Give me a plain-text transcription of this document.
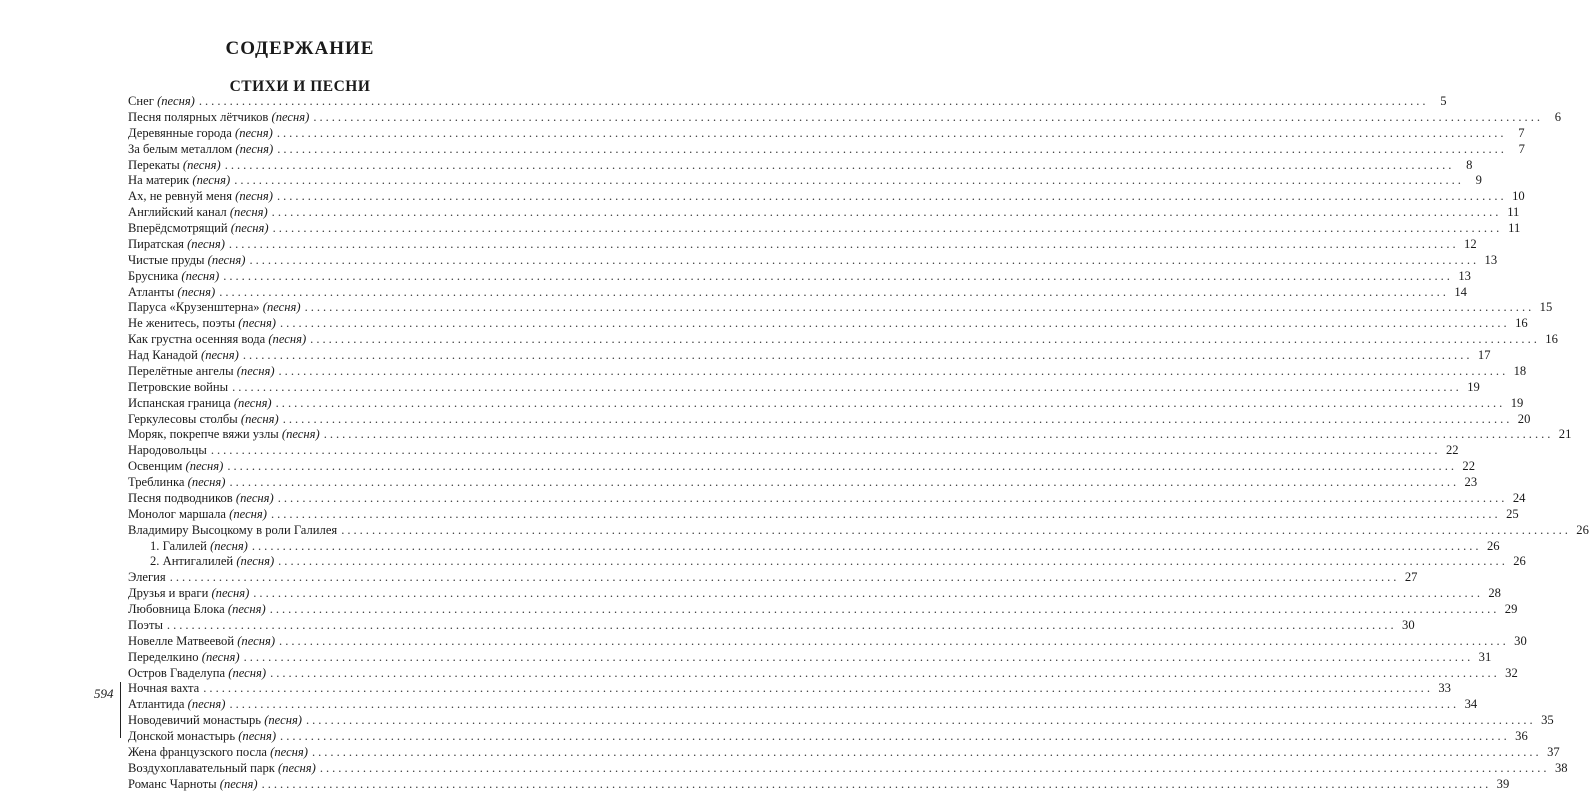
СОДЕРЖАНИЕ
СТИХИ И ПЕСНИ
Снег (песня) ........................................................................................................................................................................................................ 5
Песня полярных лётчиков (песня) ........................................................................................................................................................................................................ 6
Деревянные города (песня) ........................................................................................................................................................................................................ 7
За белым металлом (песня) ........................................................................................................................................................................................................ 7
Перекаты (песня) ........................................................................................................................................................................................................ 8
На материк (песня) ........................................................................................................................................................................................................ 9
Ах, не ревнуй меня (песня) ........................................................................................................................................................................................................ 10
Английский канал (песня) ........................................................................................................................................................................................................ 11
Вперёдсмотрящий (песня) ........................................................................................................................................................................................................ 11
Пиратская (песня) ........................................................................................................................................................................................................ 12
Чистые пруды (песня) ........................................................................................................................................................................................................ 13
Брусника (песня) ........................................................................................................................................................................................................ 13
Атланты (песня) ........................................................................................................................................................................................................ 14
Парусa «Крузенштерна» (песня) ........................................................................................................................................................................................................ 15
Не женитесь, поэты (песня) ........................................................................................................................................................................................................ 16
Как грустна осенняя вода (песня) ........................................................................................................................................................................................................ 16
Над Канадой (песня) ........................................................................................................................................................................................................ 17
Перелётные ангелы (песня) ........................................................................................................................................................................................................ 18
Петровские войны ........................................................................................................................................................................................................ 19
Испанская граница (песня) ........................................................................................................................................................................................................ 19
Геркулесовы столбы (песня) ........................................................................................................................................................................................................ 20
Моряк, покрепче вяжи узлы (песня) ........................................................................................................................................................................................................ 21
Народовольцы ........................................................................................................................................................................................................ 22
Освенцим (песня) ........................................................................................................................................................................................................ 22
Треблинка (песня) ........................................................................................................................................................................................................ 23
Песня подводников (песня) ........................................................................................................................................................................................................ 24
Монолог маршала (песня) ........................................................................................................................................................................................................ 25
Владимиру Высоцкому в роли Галилея ........................................................................................................................................................................................................ 26
1. Галилей (песня) ........................................................................................................................................................................................................ 26
2. Антигалилей (песня) ........................................................................................................................................................................................................ 26
Элегия ........................................................................................................................................................................................................ 27
Друзья и враги (песня) ........................................................................................................................................................................................................ 28
Любовница Блока (песня) ........................................................................................................................................................................................................ 29
Поэты ........................................................................................................................................................................................................ 30
Новелле Матвеевой (песня) ........................................................................................................................................................................................................ 30
Переделкино (песня) ........................................................................................................................................................................................................ 31
Остров Гваделупа (песня) ........................................................................................................................................................................................................ 32
Ночная вахта ........................................................................................................................................................................................................ 33
Атлантида (песня) ........................................................................................................................................................................................................ 34
Новодевичий монастырь (песня) ........................................................................................................................................................................................................ 35
Донской монастырь (песня) ........................................................................................................................................................................................................ 36
Жена французского посла (песня) ........................................................................................................................................................................................................ 37
Воздухоплавательный парк (песня) ........................................................................................................................................................................................................ 38
Романс Чарноты (песня) ........................................................................................................................................................................................................ 39
594
